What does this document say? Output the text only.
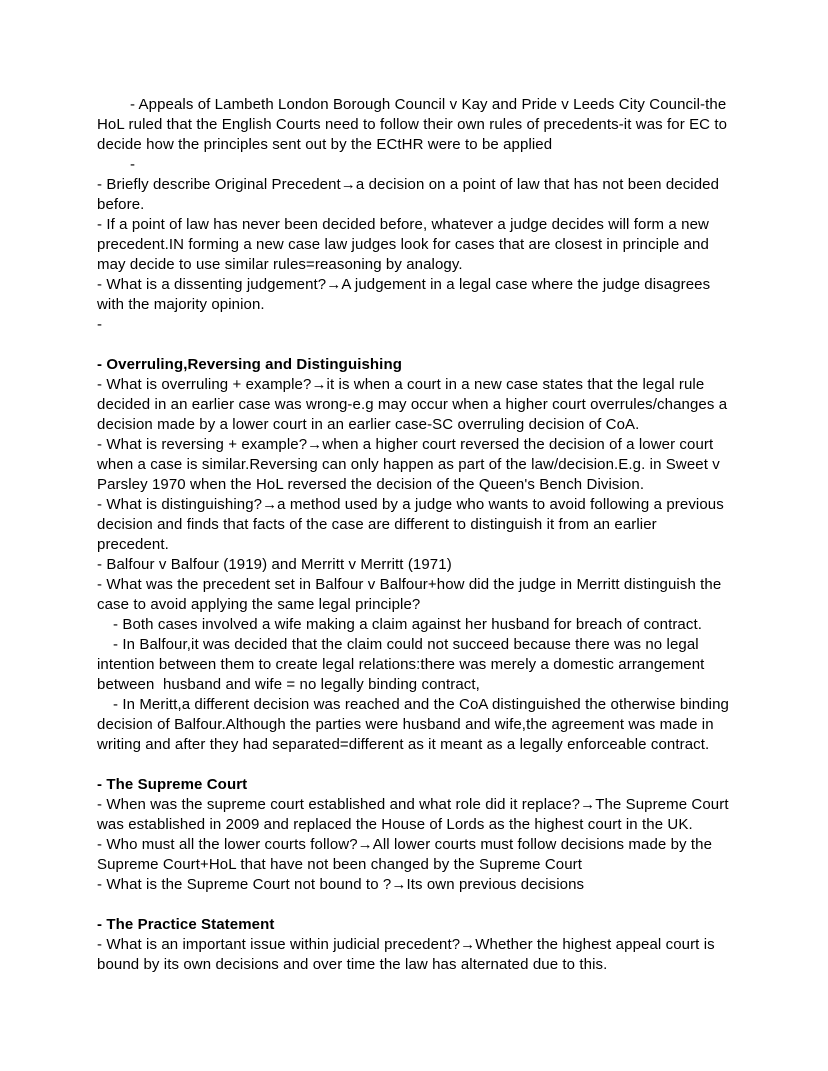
- Appeals of Lambeth London Borough Council v Kay and Pride v Leeds City Council-the HoL ruled that the English Courts need to follow their own rules of precedents-it was for EC to decide how the principles sent out by the ECtHR were to be applied
-
- Briefly describe Original Precedent→a decision on a point of law that has not been decided before.
- If a point of law has never been decided before, whatever a judge decides will form a new precedent.IN forming a new case law judges look for cases that are closest in principle and may decide to use similar rules=reasoning by analogy.
- What is a dissenting judgement?→A judgement in a legal case where the judge disagrees with the majority opinion.
-
- Overruling,Reversing and Distinguishing
- What is overruling + example?→it is when a court in a new case states that the legal rule decided in an earlier case was wrong-e.g may occur when a higher court overrules/changes a decision made by a lower court in an earlier case-SC overruling decision of CoA.
- What is reversing + example?→when a higher court reversed the decision of a lower court when a case is similar.Reversing can only happen as part of the law/decision.E.g. in Sweet v Parsley 1970 when the HoL reversed the decision of the Queen's Bench Division.
- What is distinguishing?→a method used by a judge who wants to avoid following a previous decision and finds that facts of the case are different to distinguish it from an earlier precedent.
- Balfour v Balfour (1919) and Merritt v Merritt (1971)
- What was the precedent set in Balfour v Balfour+how did the judge in Merritt distinguish the case to avoid applying the same legal principle?
- Both cases involved a wife making a claim against her husband for breach of contract.
- In Balfour,it was decided that the claim could not succeed because there was no legal intention between them to create legal relations:there was merely a domestic arrangement between  husband and wife = no legally binding contract,
- In Meritt,a different decision was reached and the CoA distinguished the otherwise binding decision of Balfour.Although the parties were husband and wife,the agreement was made in writing and after they had separated=different as it meant as a legally enforceable contract.
- The Supreme Court
- When was the supreme court established and what role did it replace?→The Supreme Court was established in 2009 and replaced the House of Lords as the highest court in the UK.
- Who must all the lower courts follow?→All lower courts must follow decisions made by the Supreme Court+HoL that have not been changed by the Supreme Court
- What is the Supreme Court not bound to ?→Its own previous decisions
- The Practice Statement
- What is an important issue within judicial precedent?→Whether the highest appeal court is bound by its own decisions and over time the law has alternated due to this.
